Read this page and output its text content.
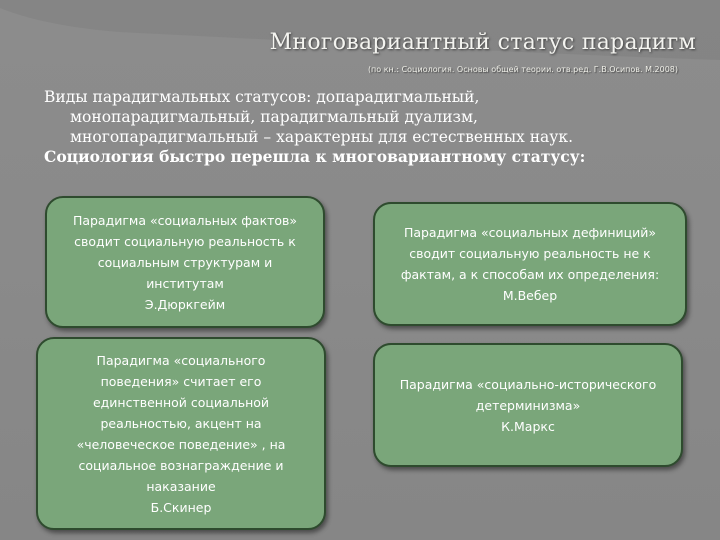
Многовариантный статус парадигм
(по кн.: Социология. Основы общей теории. отв.ред. Г.В.Осипов. М.2008)

Виды парадигмальных статусов: допарадигмальный,

монопарадигмальный, парадигмальный дуализм,

многопарадигмальный – характерны для естественных наук.

Социология быстро перешла к многовариантному статусу:

Парадигма «социальных фактов»
сводит социальную реальность к
социальным структурам и
институтам
Э.Дюркгейм
Парадигма «социальных дефиниций»
сводит социальную реальность не к
фактам, а к способам их определения:
М.Вебер
Парадигма «социального
поведения» считает его
единственной социальной
реальностью, акцент на
«человеческое поведение» , на
социальное вознаграждение и
наказание
Б.Скинер
Парадигма «социально-исторического
детерминизма»
К.Маркс
